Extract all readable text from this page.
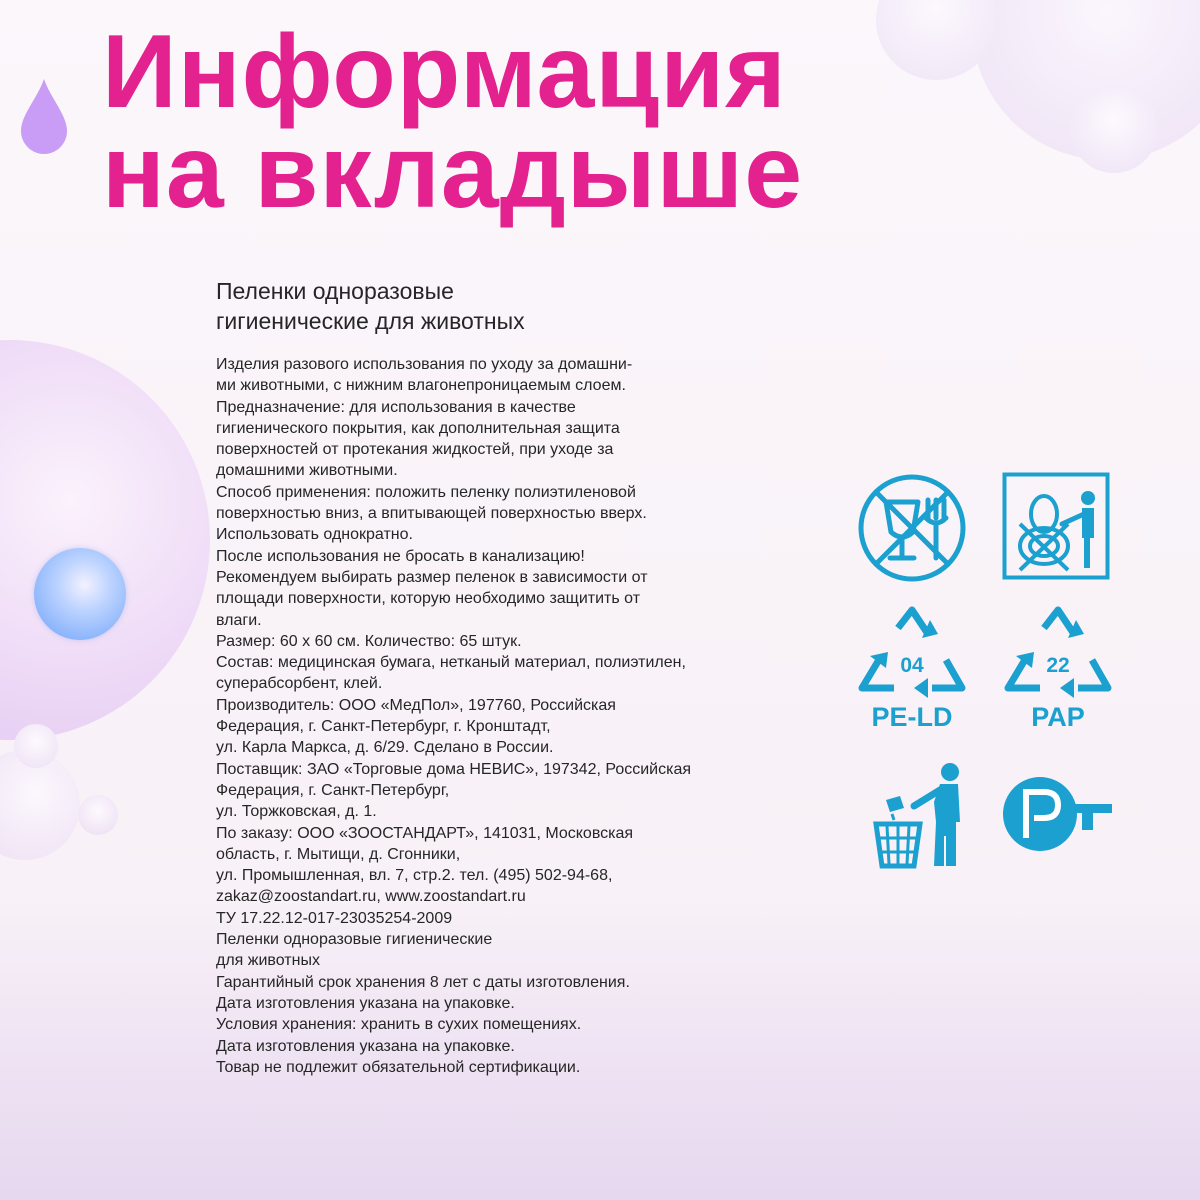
Информация
на вкладыше
Пеленки одноразовые
гигиенические для животных
Изделия разового использования по уходу за домашни-
ми животными, с нижним влагонепроницаемым слоем.
Предназначение: для использования в качестве
гигиенического покрытия, как дополнительная защита
поверхностей от протекания жидкостей, при уходе за
домашними животными.
Способ применения: положить пеленку полиэтиленовой
поверхностью вниз, а впитывающей поверхностью вверх.
Использовать однократно.
После использования не бросать в канализацию!
Рекомендуем выбирать размер пеленок в зависимости от
площади поверхности, которую необходимо защитить от
влаги.
Размер: 60 x 60 см. Количество: 65 штук.
Состав: медицинская бумага, нетканый материал, полиэтилен,
суперабсорбент, клей.
Производитель: ООО «МедПол», 197760, Российская
Федерация, г. Санкт-Петербург, г. Кронштадт,
ул. Карла Маркса, д. 6/29. Сделано в России.
Поставщик: ЗАО «Торговые дома НЕВИС», 197342, Российская
Федерация, г. Санкт-Петербург,
ул. Торжковская, д. 1.
По заказу: ООО «ЗООСТАНДАРТ», 141031, Московская
область, г. Мытищи, д. Сгонники,
ул. Промышленная, вл. 7, стр.2. тел. (495) 502-94-68,
zakaz@zoostandart.ru, www.zoostandart.ru
ТУ 17.22.12-017-23035254-2009
Пеленки одноразовые гигиенические
для животных
Гарантийный срок хранения 8 лет с даты изготовления.
Дата изготовления указана на упаковке.
Условия хранения: хранить в сухих помещениях.
Дата изготовления указана на упаковке.
Товар не подлежит обязательной сертификации.
04
PE-LD
22
PAP
